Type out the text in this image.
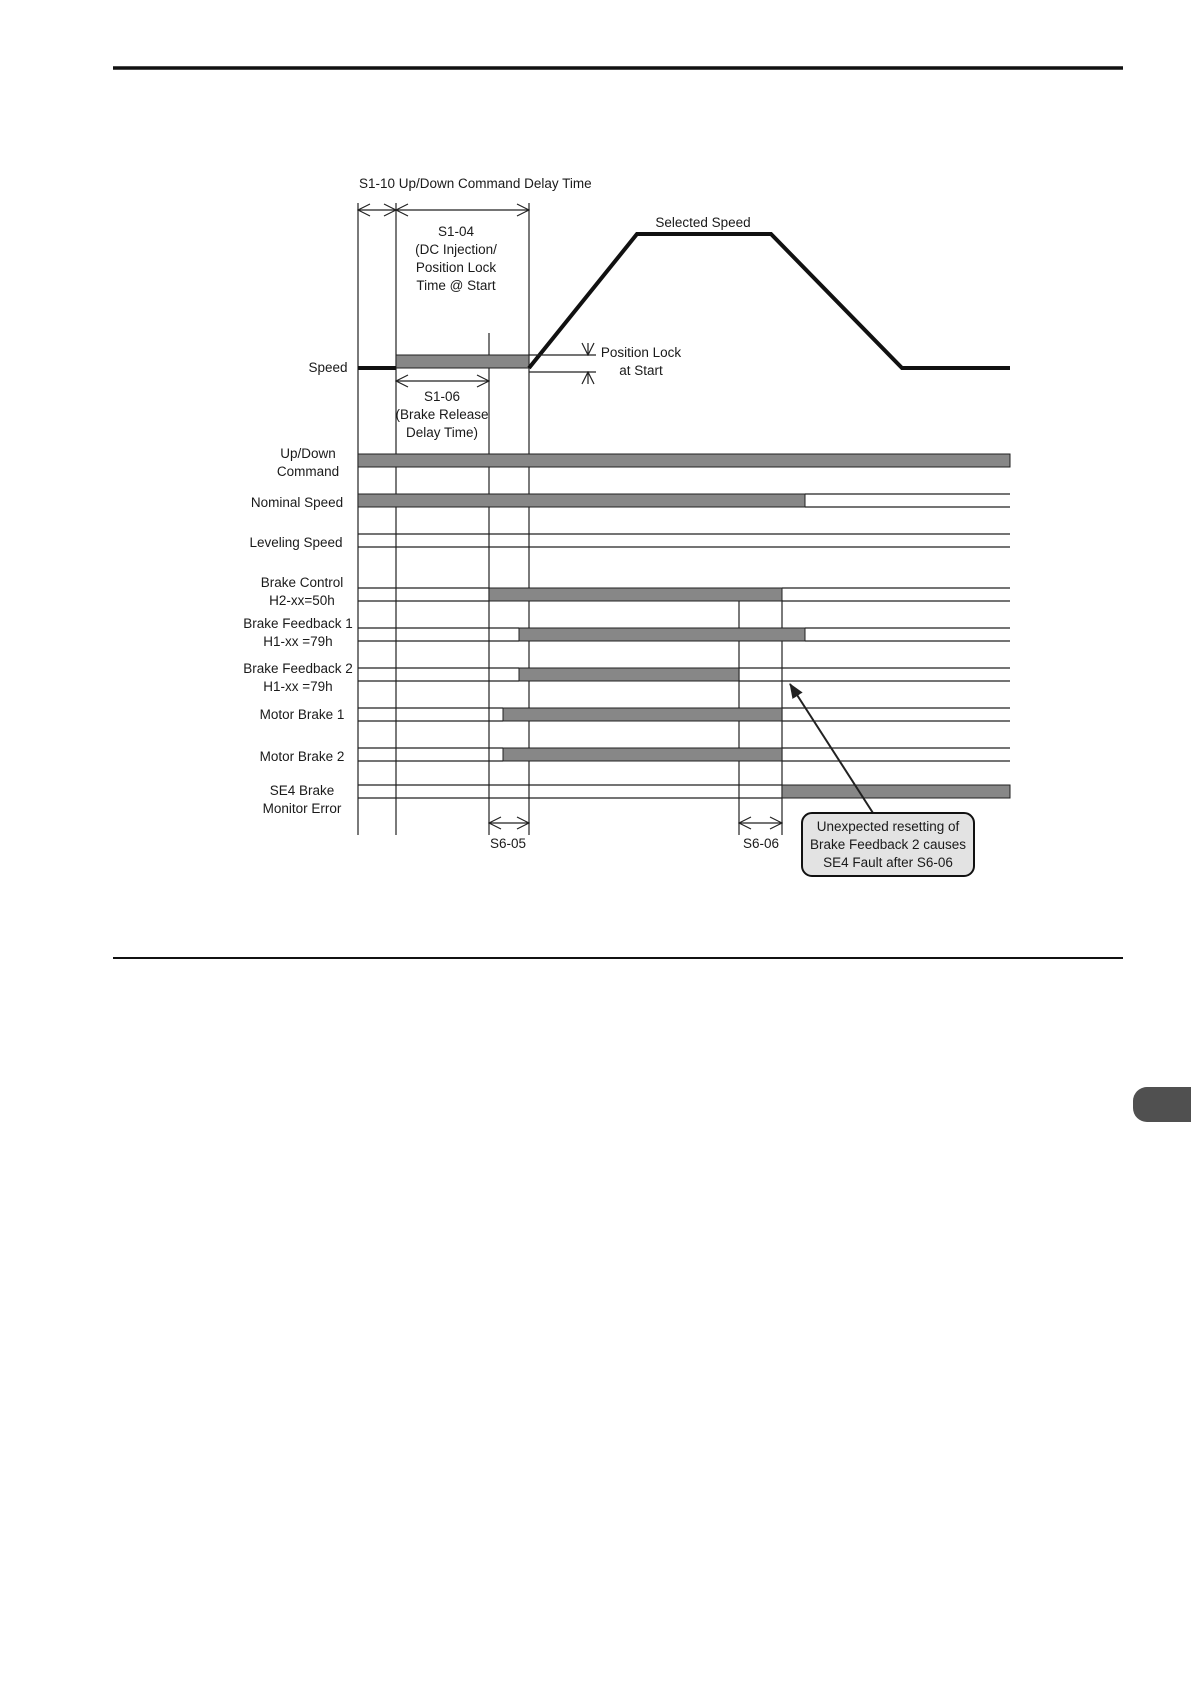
S1-10 Up/Down Command Delay Time
Selected Speed
S1-04
(DC Injection/
Position Lock
Time @ Start
Position Lock
at Start
S1-06
(Brake Release
Delay Time)
Speed
Up/Down
Command
Nominal Speed
Leveling Speed
Brake Control
H2-xx=50h
Brake Feedback 1
H1-xx =79h
Brake Feedback 2
H1-xx =79h
Motor Brake 1
Motor Brake 2
SE4 Brake
Monitor Error
S6-05	S6-06
Unexpected resetting of
Brake Feedback 2 causes
SE4 Fault after S6-06
